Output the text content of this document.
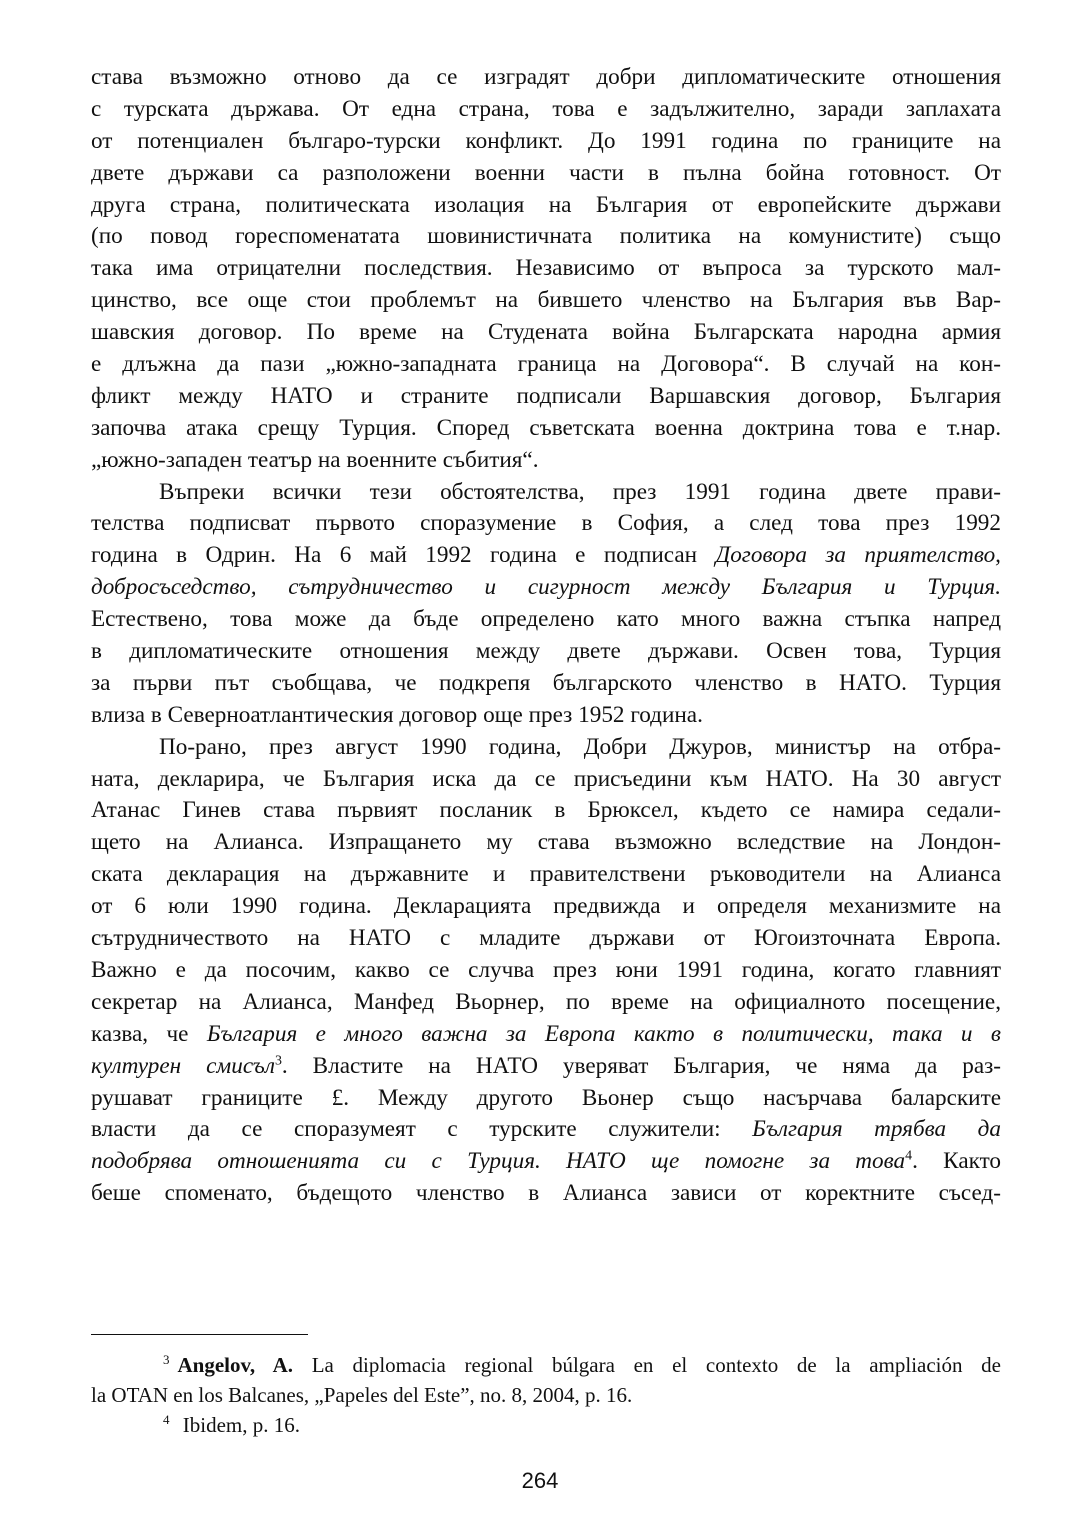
става възможно отново да се изградят добри дипломатическите отношения
с турската държава. От една страна, това е задължително, заради заплахата
от потенциален българо-турски конфликт. До 1991 година по границите на
двете държави са разположени военни части в пълна бойна готовност. От
друга страна, политическата изолация на България от европейските държави
(по повод гореспоменатата шовинистичната политика на комунистите) също
така има отрицателни последствия. Независимо от въпроса за турското мал-
цинство, все още стои проблемът на бившето членство на България във Вар-
шавския договор. По време на Студената война Българската народна армия
е длъжна да пази „южно-западната граница на Договора“. В случай на кон-
фликт между НАТО и страните подписали Варшавския договор, България
започва атака срещу Турция. Според съветската военна доктрина това е т.нар.
„южно-западен театър на военните събития“.
Въпреки всички тези обстоятелства, през 1991 година двете прави-
телства подписват първото споразумение в София, а след това през 1992
година в Одрин. На 6 май 1992 година е подписан Договора за приятелство,
добросъседство, сътрудничество и сигурност между България и Турция.
Естествено, това може да бъде определено като много важна стъпка напред
в дипломатическите отношения между двете държави. Освен това, Турция
за първи път съобщава, че подкрепя българското членство в НАТО. Турция
влиза в Северноатлантическия договор още през 1952 година.
По-рано, през август 1990 година, Добри Джуров, министър на отбра-
ната, декларира, че България иска да се присъедини към НАТО. На 30 август
Атанас Гинев става първият посланик в Брюксел, където се намира седали-
щето на Алианса. Изпращането му става възможно вследствие на Лондон-
ската декларация на държавните и правителствени ръководители на Алианса
от 6 юли 1990 година. Декларацията предвижда и определя механизмите на
сътрудничеството на НАТО с младите държави от Югоизточната Европа.
Важно е да посочим, какво се случва през юни 1991 година, когато главният
секретар на Алианса, Манфед Вьорнер, по време на официалното посещение,
казва, че България е много важна за Европа както в политически, така и в
културен смисъл$^3$. Властите на НАТО уверяват България, че няма да раз-
рушават границите £. Между другото Вьонер също насърчава баларските
власти да се споразумеят с турските служители: България трябва да
подобрява отношенията си с Турция. НАТО ще помогне за това$^4$. Както
беше споменато, бъдещото членство в Алианса зависи от коректните съсед-
$^3$ Angelov, A. La diplomacia regional búlgara en el contexto de la ampliación de
la OTAN en los Balcanes, „Papeles del Este”, no. 8, 2004, p. 16.
$^4$ Ibidem, p. 16.
264
